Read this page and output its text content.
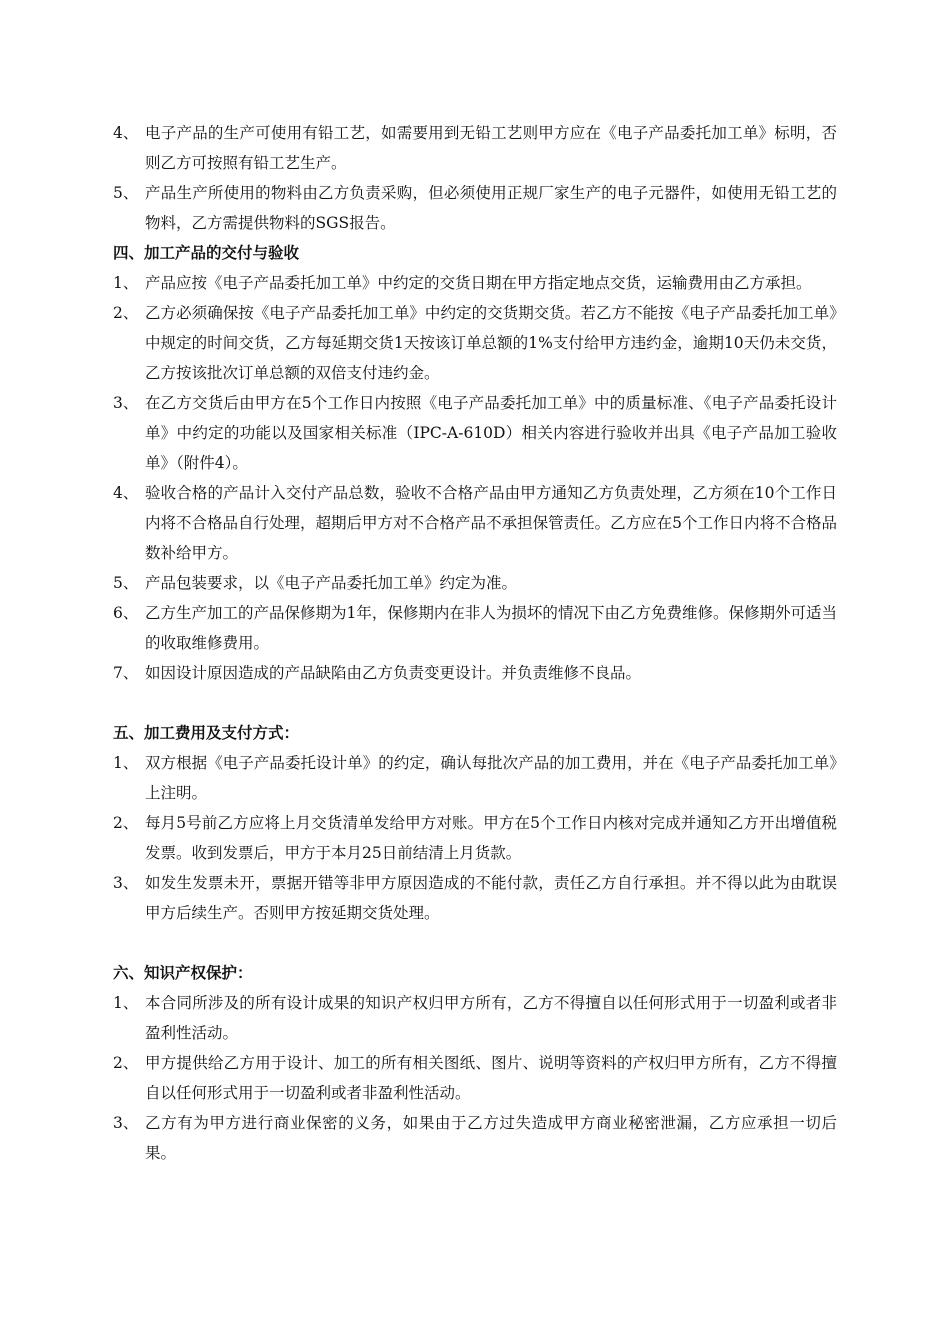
4、 电子产品的生产可使用有铅工艺，如需要用到无铅工艺则甲方应在《电子产品委托加工单》标明，否则乙方可按照有铅工艺生产。
5、 产品生产所使用的物料由乙方负责采购，但必须使用正规厂家生产的电子元器件，如使用无铅工艺的物料，乙方需提供物料的SGS报告。
四、加工产品的交付与验收
1、 产品应按《电子产品委托加工单》中约定的交货日期在甲方指定地点交货，运输费用由乙方承担。
2、 乙方必须确保按《电子产品委托加工单》中约定的交货期交货。若乙方不能按《电子产品委托加工单》中规定的时间交货，乙方每延期交货1天按该订单总额的1%支付给甲方违约金，逾期10天仍未交货，乙方按该批次订单总额的双倍支付违约金。
3、 在乙方交货后由甲方在5个工作日内按照《电子产品委托加工单》中的质量标准、《电子产品委托设计单》中约定的功能以及国家相关标准（IPC-A-610D）相关内容进行验收并出具《电子产品加工验收单》（附件4）。
4、 验收合格的产品计入交付产品总数，验收不合格产品由甲方通知乙方负责处理，乙方须在10个工作日内将不合格品自行处理，超期后甲方对不合格产品不承担保管责任。乙方应在5个工作日内将不合格品数补给甲方。
5、 产品包装要求，以《电子产品委托加工单》约定为准。
6、 乙方生产加工的产品保修期为1年，保修期内在非人为损坏的情况下由乙方免费维修。保修期外可适当的收取维修费用。
7、 如因设计原因造成的产品缺陷由乙方负责变更设计。并负责维修不良品。
五、加工费用及支付方式：
1、 双方根据《电子产品委托设计单》的约定，确认每批次产品的加工费用，并在《电子产品委托加工单》上注明。
2、 每月5号前乙方应将上月交货清单发给甲方对账。甲方在5个工作日内核对完成并通知乙方开出增值税发票。收到发票后，甲方于本月25日前结清上月货款。
3、 如发生发票未开，票据开错等非甲方原因造成的不能付款，责任乙方自行承担。并不得以此为由耽误甲方后续生产。否则甲方按延期交货处理。
六、知识产权保护：
1、 本合同所涉及的所有设计成果的知识产权归甲方所有，乙方不得擅自以任何形式用于一切盈利或者非盈利性活动。
2、 甲方提供给乙方用于设计、加工的所有相关图纸、图片、说明等资料的产权归甲方所有，乙方不得擅自以任何形式用于一切盈利或者非盈利性活动。
3、 乙方有为甲方进行商业保密的义务，如果由于乙方过失造成甲方商业秘密泄漏，乙方应承担一切后果。
